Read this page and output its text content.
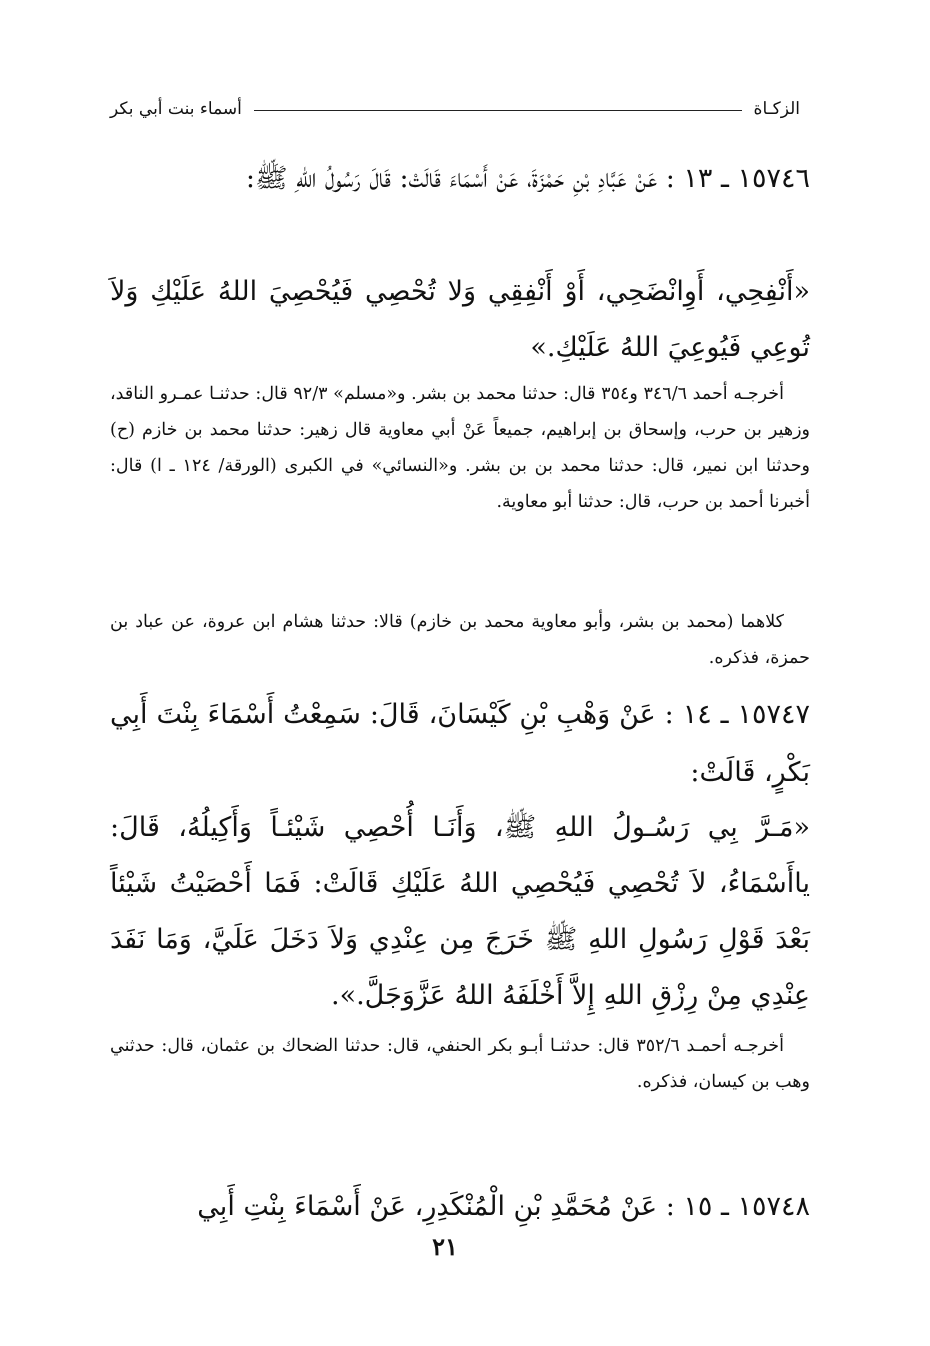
الزكـاة
أسماء بنت أبي بكر
١٥٧٤٦ ـ ١٣ : عَنْ عَبَّادِ بْنِ حَمْزَةَ، عَنْ أَسْمَاءَ قَالَتْ: قَالَ رَسُولُ اللهِ ﷺ:
«أَنْفِحِي، أَوِانْضَحِي، أَوْ أَنْفِقِي وَلا تُحْصِي فَيُحْصِيَ اللهُ عَلَيْكِ وَلاَ تُوعِي فَيُوعِيَ اللهُ عَلَيْكِ.»
أخرجـه أحمد ٣٤٦/٦ و٣٥٤ قال: حدثنا محمد بن بشر. و«مسلم» ٩٢/٣ قال: حدثنـا عمـرو الناقد، وزهير بن حرب، وإسحاق بن إبراهيم، جميعاً عَنْ أبي معاوية قال زهير: حدثنا محمد بن خازم (ح) وحدثنا ابن نمير، قال: حدثنا محمد بن بن بشر. و«النسائي» في الكبرى (الورقة/ ١٢٤ ـ ا) قال: أخبرنا أحمد بن حرب، قال: حدثنا أبو معاوية.
كلاهما (محمد بن بشر، وأبو معاوية محمد بن خازم) قالا: حدثنا هشام ابن عروة، عن عباد بن حمزة، فذكره.
١٥٧٤٧ ـ ١٤ : عَنْ وَهْبِ بْنِ كَيْسَانَ، قَالَ: سَمِعْتُ أَسْمَاءَ بِنْتَ أَبِي بَكْرٍ، قَالَتْ:
«مَـرَّ بِي رَسُـولُ اللهِ ﷺ، وَأَنَـا أُحْصِي شَيْئـاً وَأَكِيلُهُ، قَالَ: ياأَسْمَاءُ، لاَ تُحْصِي فَيُحْصِي اللهُ عَلَيْكِ قَالَتْ: فَمَا أَحْصَيْتُ شَيْئاً بَعْدَ قَوْلِ رَسُولِ اللهِ ﷺ خَرَجَ مِن عِنْدِي وَلاَ دَخَلَ عَلَيَّ، وَمَا نَفَدَ عِنْدِي مِنْ رِزْقِ اللهِ إِلاَّ أَخْلَفَهُ اللهُ عَزَّوَجَلَّ.».
أخرجـه أحمـد ٣٥٢/٦ قال: حدثنـا أبـو بكر الحنفي، قال: حدثنا الضحاك بن عثمان، قال: حدثني وهب بن كيسان، فذكره.
١٥٧٤٨ ـ ١٥ : عَنْ مُحَمَّدِ بْنِ الْمُنْكَدِرِ، عَنْ أَسْمَاءَ بِنْتِ أَبِي
٢١
